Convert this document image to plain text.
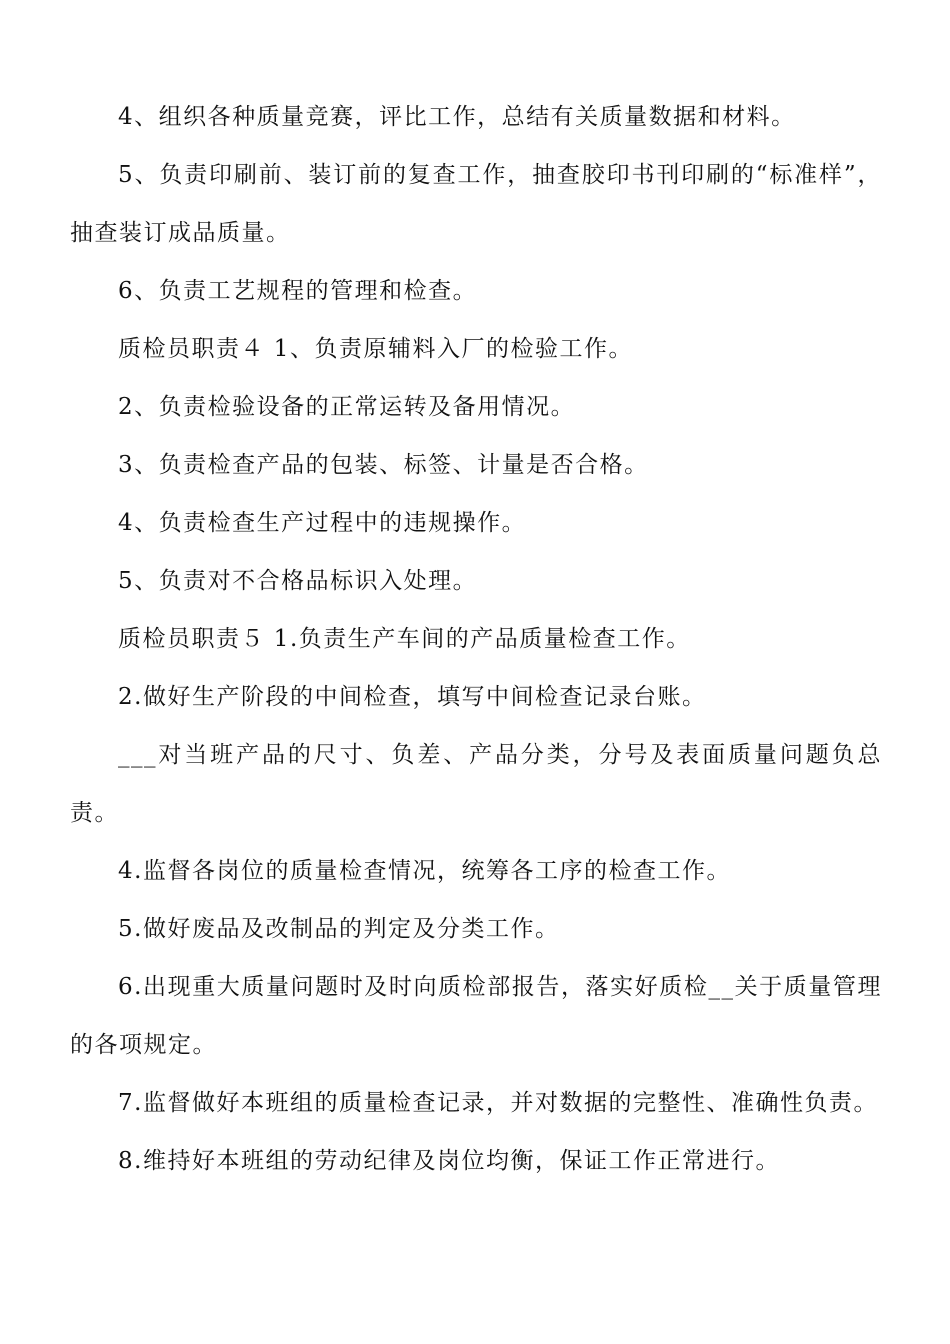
4、组织各种质量竞赛，评比工作，总结有关质量数据和材料。

5、负责印刷前、装订前的复查工作，抽查胶印书刊印刷的“标准样”，抽查装订成品质量。

6、负责工艺规程的管理和检查。

质检员职责４ 1、负责原辅料入厂的检验工作。

2、负责检验设备的正常运转及备用情况。

3、负责检查产品的包装、标签、计量是否合格。

4、负责检查生产过程中的违规操作。

5、负责对不合格品标识入处理。

质检员职责５ 1.负责生产车间的产品质量检查工作。

2.做好生产阶段的中间检查，填写中间检查记录台账。

___对当班产品的尺寸、负差、产品分类，分号及表面质量问题负总责。

4.监督各岗位的质量检查情况，统筹各工序的检查工作。

5.做好废品及改制品的判定及分类工作。

6.出现重大质量问题时及时向质检部报告，落实好质检__关于质量管理的各项规定。

7.监督做好本班组的质量检查记录，并对数据的完整性、准确性负责。

8.维持好本班组的劳动纪律及岗位均衡，保证工作正常进行。
